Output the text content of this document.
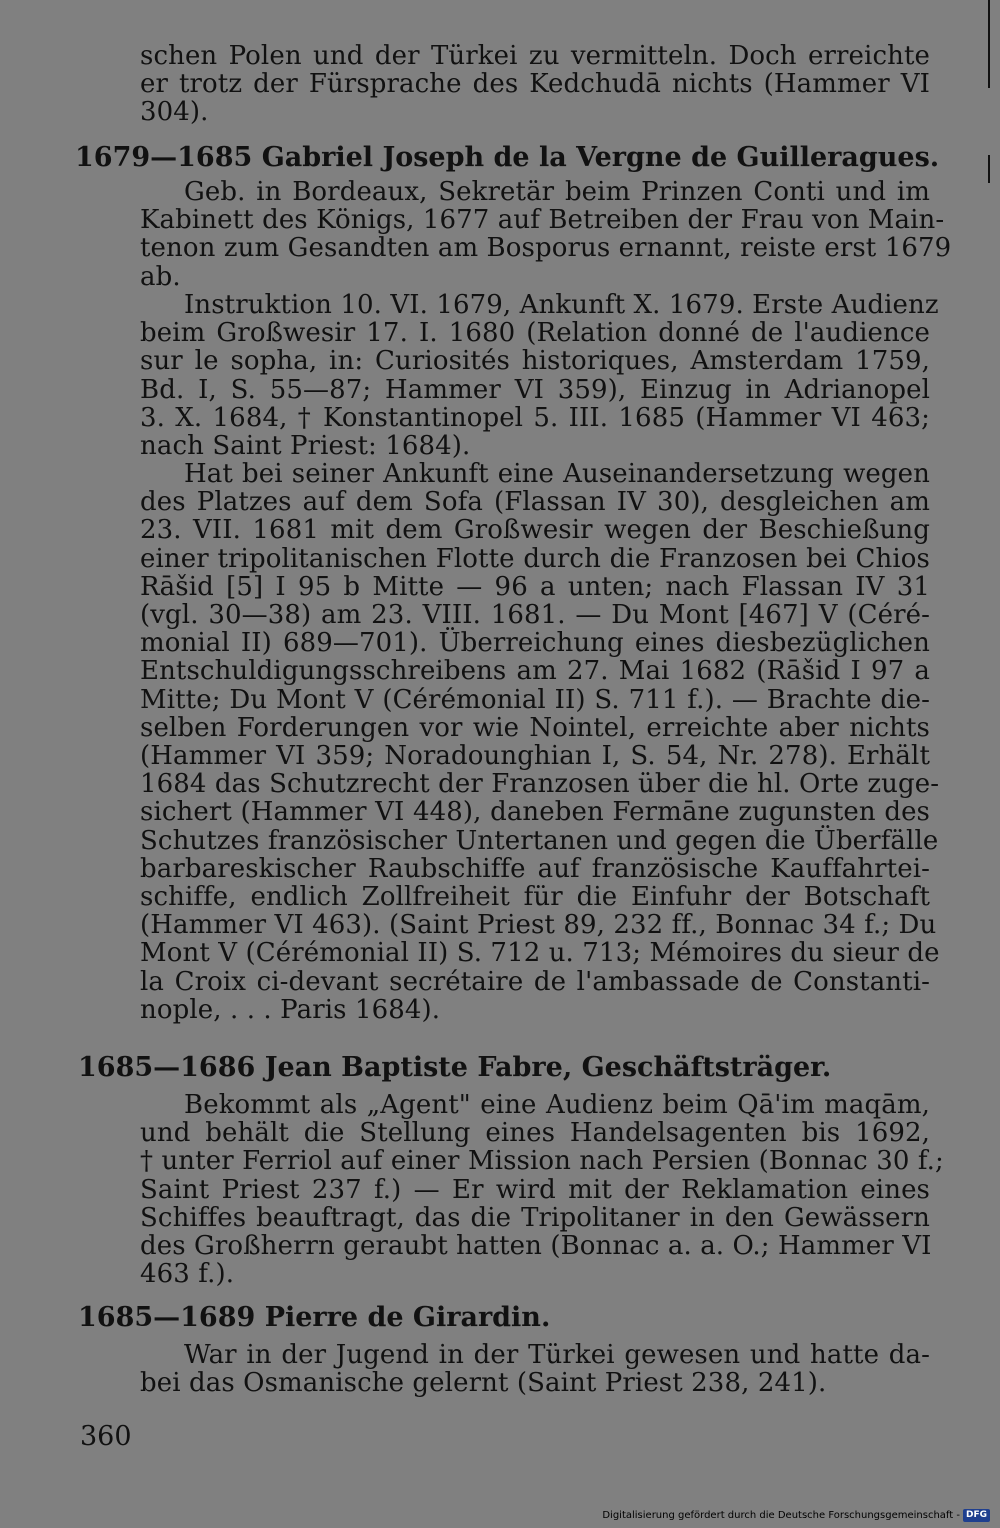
schen Polen und der Türkei zu vermitteln. Doch erreichte
er trotz der Fürsprache des Kedchudā nichts (Hammer VI
304).
1679—1685 Gabriel Joseph de la Vergne de Guilleragues.
Geb. in Bordeaux, Sekretär beim Prinzen Conti und im
Kabinett des Königs, 1677 auf Betreiben der Frau von Main-
tenon zum Gesandten am Bosporus ernannt, reiste erst 1679
ab.
Instruktion 10. VI. 1679, Ankunft X. 1679. Erste Audienz
beim Großwesir 17. I. 1680 (Relation donné de l'audience
sur le sopha, in: Curiosités historiques, Amsterdam 1759,
Bd. I, S. 55—87; Hammer VI 359), Einzug in Adrianopel
3. X. 1684, † Konstantinopel 5. III. 1685 (Hammer VI 463;
nach Saint Priest: 1684).
Hat bei seiner Ankunft eine Auseinandersetzung wegen
des Platzes auf dem Sofa (Flassan IV 30), desgleichen am
23. VII. 1681 mit dem Großwesir wegen der Beschießung
einer tripolitanischen Flotte durch die Franzosen bei Chios
Rāšid [5] I 95 b Mitte — 96 a unten; nach Flassan IV 31
(vgl. 30—38) am 23. VIII. 1681. — Du Mont [467] V (Céré-
monial II) 689—701). Überreichung eines diesbezüglichen
Entschuldigungsschreibens am 27. Mai 1682 (Rāšid I 97 a
Mitte; Du Mont V (Cérémonial II) S. 711 f.). — Brachte die-
selben Forderungen vor wie Nointel, erreichte aber nichts
(Hammer VI 359; Noradounghian I, S. 54, Nr. 278). Erhält
1684 das Schutzrecht der Franzosen über die hl. Orte zuge-
sichert (Hammer VI 448), daneben Fermāne zugunsten des
Schutzes französischer Untertanen und gegen die Überfälle
barbareskischer Raubschiffe auf französische Kauffahrtei-
schiffe, endlich Zollfreiheit für die Einfuhr der Botschaft
(Hammer VI 463). (Saint Priest 89, 232 ff., Bonnac 34 f.; Du
Mont V (Cérémonial II) S. 712 u. 713; Mémoires du sieur de
la Croix ci-devant secrétaire de l'ambassade de Constanti-
nople, . . . Paris 1684).
1685—1686 Jean Baptiste Fabre, Geschäftsträger.
Bekommt als „Agent" eine Audienz beim Qā'im maqām,
und behält die Stellung eines Handelsagenten bis 1692,
† unter Ferriol auf einer Mission nach Persien (Bonnac 30 f.;
Saint Priest 237 f.) — Er wird mit der Reklamation eines
Schiffes beauftragt, das die Tripolitaner in den Gewässern
des Großherrn geraubt hatten (Bonnac a. a. O.; Hammer VI
463 f.).
1685—1689 Pierre de Girardin.
War in der Jugend in der Türkei gewesen und hatte da-
bei das Osmanische gelernt (Saint Priest 238, 241).
360
Digitalisierung gefördert durch die Deutsche Forschungsgemeinschaft - DFG
